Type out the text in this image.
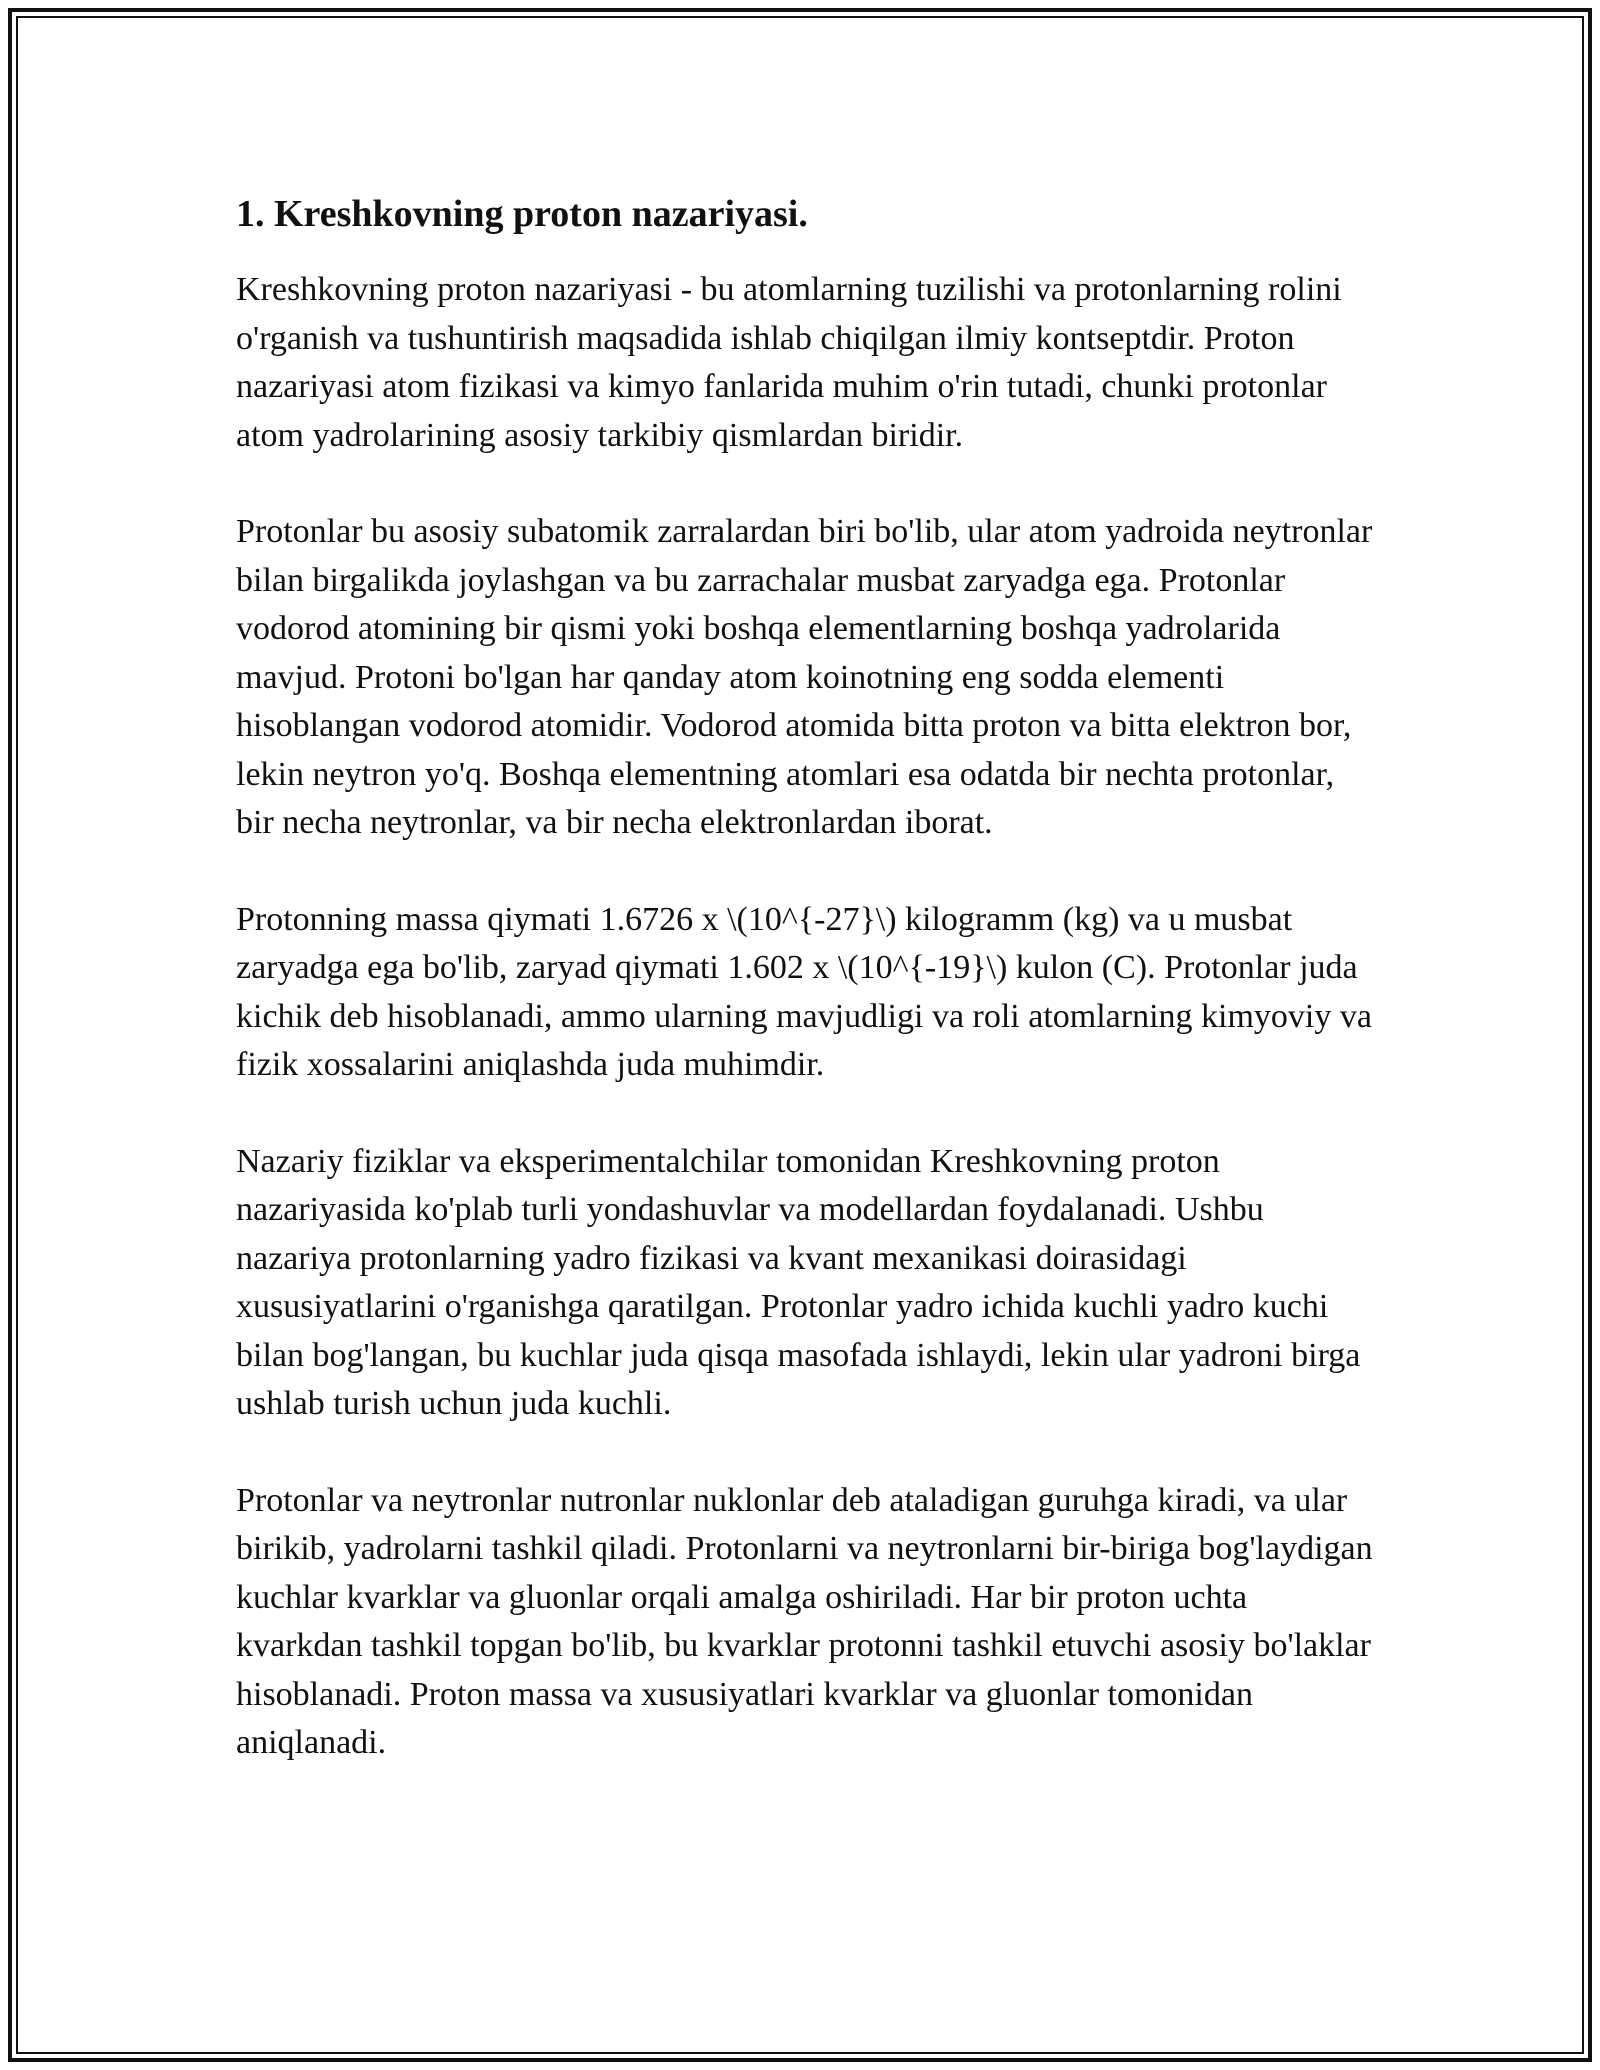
1. Kreshkovning proton nazariyasi.

Kreshkovning proton nazariyasi - bu atomlarning tuzilishi va protonlarning rolini o'rganish va tushuntirish maqsadida ishlab chiqilgan ilmiy kontseptdir. Proton nazariyasi atom fizikasi va kimyo fanlarida muhim o'rin tutadi, chunki protonlar atom yadrolarining asosiy tarkibiy qismlardan biridir.

Protonlar bu asosiy subatomik zarralardan biri bo'lib, ular atom yadroida neytronlar bilan birgalikda joylashgan va bu zarrachalar musbat zaryadga ega. Protonlar vodorod atomining bir qismi yoki boshqa elementlarning boshqa yadrolarida mavjud. Protoni bo'lgan har qanday atom koinotning eng sodda elementi hisoblangan vodorod atomidir. Vodorod atomida bitta proton va bitta elektron bor, lekin neytron yo'q. Boshqa elementning atomlari esa odatda bir nechta protonlar, bir necha neytronlar, va bir necha elektronlardan iborat.

Protonning massa qiymati 1.6726 x \(10^{-27}\) kilogramm (kg) va u musbat zaryadga ega bo'lib, zaryad qiymati 1.602 x \(10^{-19}\) kulon (C). Protonlar juda kichik deb hisoblanadi, ammo ularning mavjudligi va roli atomlarning kimyoviy va fizik xossalarini aniqlashda juda muhimdir.

Nazariy fiziklar va eksperimentalchilar tomonidan Kreshkovning proton nazariyasida ko'plab turli yondashuvlar va modellardan foydalanadi. Ushbu nazariya protonlarning yadro fizikasi va kvant mexanikasi doirasidagi xususiyatlarini o'rganishga qaratilgan. Protonlar yadro ichida kuchli yadro kuchi bilan bog'langan, bu kuchlar juda qisqa masofada ishlaydi, lekin ular yadroni birga ushlab turish uchun juda kuchli.

Protonlar va neytronlar nutronlar nuklonlar deb ataladigan guruhga kiradi, va ular birikib, yadrolarni tashkil qiladi. Protonlarni va neytronlarni bir-biriga bog'laydigan kuchlar kvarklar va gluonlar orqali amalga oshiriladi. Har bir proton uchta kvarkdan tashkil topgan bo'lib, bu kvarklar protonni tashkil etuvchi asosiy bo'laklar hisoblanadi. Proton massa va xususiyatlari kvarklar va gluonlar tomonidan aniqlanadi.
